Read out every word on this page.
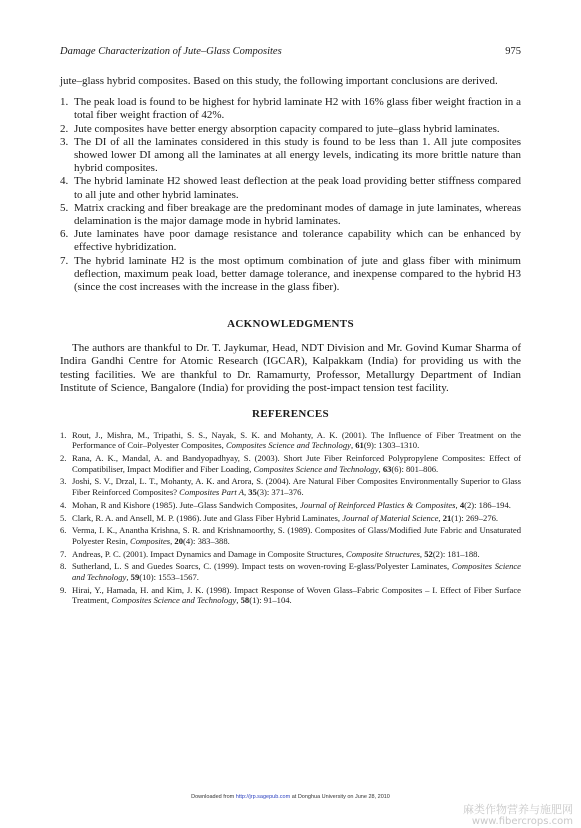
Damage Characterization of Jute–Glass Composites	975

jute–glass hybrid composites. Based on this study, the following important conclusions are derived.

1. The peak load is found to be highest for hybrid laminate H2 with 16% glass fiber weight fraction in a total fiber weight fraction of 42%.
2. Jute composites have better energy absorption capacity compared to jute–glass hybrid laminates.
3. The DI of all the laminates considered in this study is found to be less than 1. All jute composites showed lower DI among all the laminates at all energy levels, indicating its more brittle nature than hybrid composites.
4. The hybrid laminate H2 showed least deflection at the peak load providing better stiffness compared to all jute and other hybrid laminates.
5. Matrix cracking and fiber breakage are the predominant modes of damage in jute laminates, whereas delamination is the major damage mode in hybrid laminates.
6. Jute laminates have poor damage resistance and tolerance capability which can be enhanced by effective hybridization.
7. The hybrid laminate H2 is the most optimum combination of jute and glass fiber with minimum deflection, maximum peak load, better damage tolerance, and inexpense compared to the hybrid H3 (since the cost increases with the increase in the glass fiber).
ACKNOWLEDGMENTS

The authors are thankful to Dr. T. Jaykumar, Head, NDT Division and Mr. Govind Kumar Sharma of Indira Gandhi Centre for Atomic Research (IGCAR), Kalpakkam (India) for providing us with the testing facilities. We are thankful to Dr. Ramamurty, Professor, Metallurgy Department of Indian Institute of Science, Bangalore (India) for providing the post-impact tension test facility.

REFERENCES
1. Rout, J., Mishra, M., Tripathi, S. S., Nayak, S. K. and Mohanty, A. K. (2001). The Influence of Fiber Treatment on the Performance of Coir–Polyester Composites, Composites Science and Technology, 61(9): 1303–1310.
2. Rana, A. K., Mandal, A. and Bandyopadhyay, S. (2003). Short Jute Fiber Reinforced Polypropylene Composites: Effect of Compatibiliser, Impact Modifier and Fiber Loading, Composites Science and Technology, 63(6): 801–806.
3. Joshi, S. V., Drzal, L. T., Mohanty, A. K. and Arora, S. (2004). Are Natural Fiber Composites Environmentally Superior to Glass Fiber Reinforced Composites? Composites Part A, 35(3): 371–376.
4. Mohan, R and Kishore (1985). Jute–Glass Sandwich Composites, Journal of Reinforced Plastics & Composites, 4(2): 186–194.
5. Clark, R. A. and Ansell, M. P. (1986). Jute and Glass Fiber Hybrid Laminates, Journal of Material Science, 21(1): 269–276.
6. Verma, I. K., Anantha Krishna, S. R. and Krishnamoorthy, S. (1989). Composites of Glass/Modified Jute Fabric and Unsaturated Polyester Resin, Composites, 20(4): 383–388.
7. Andreas, P. C. (2001). Impact Dynamics and Damage in Composite Structures, Composite Structures, 52(2): 181–188.
8. Sutherland, L. S and Guedes Soarcs, C. (1999). Impact tests on woven-roving E-glass/Polyester Laminates, Composites Science and Technology, 59(10): 1553–1567.
9. Hirai, Y., Hamada, H. and Kim, J. K. (1998). Impact Response of Woven Glass–Fabric Composites – I. Effect of Fiber Surface Treatment, Composites Science and Technology, 58(1): 91–104.
Downloaded from http://jrp.sagepub.com at Donghua University on June 28, 2010
麻类作物营养与施肥网
www.fibercrops.com
